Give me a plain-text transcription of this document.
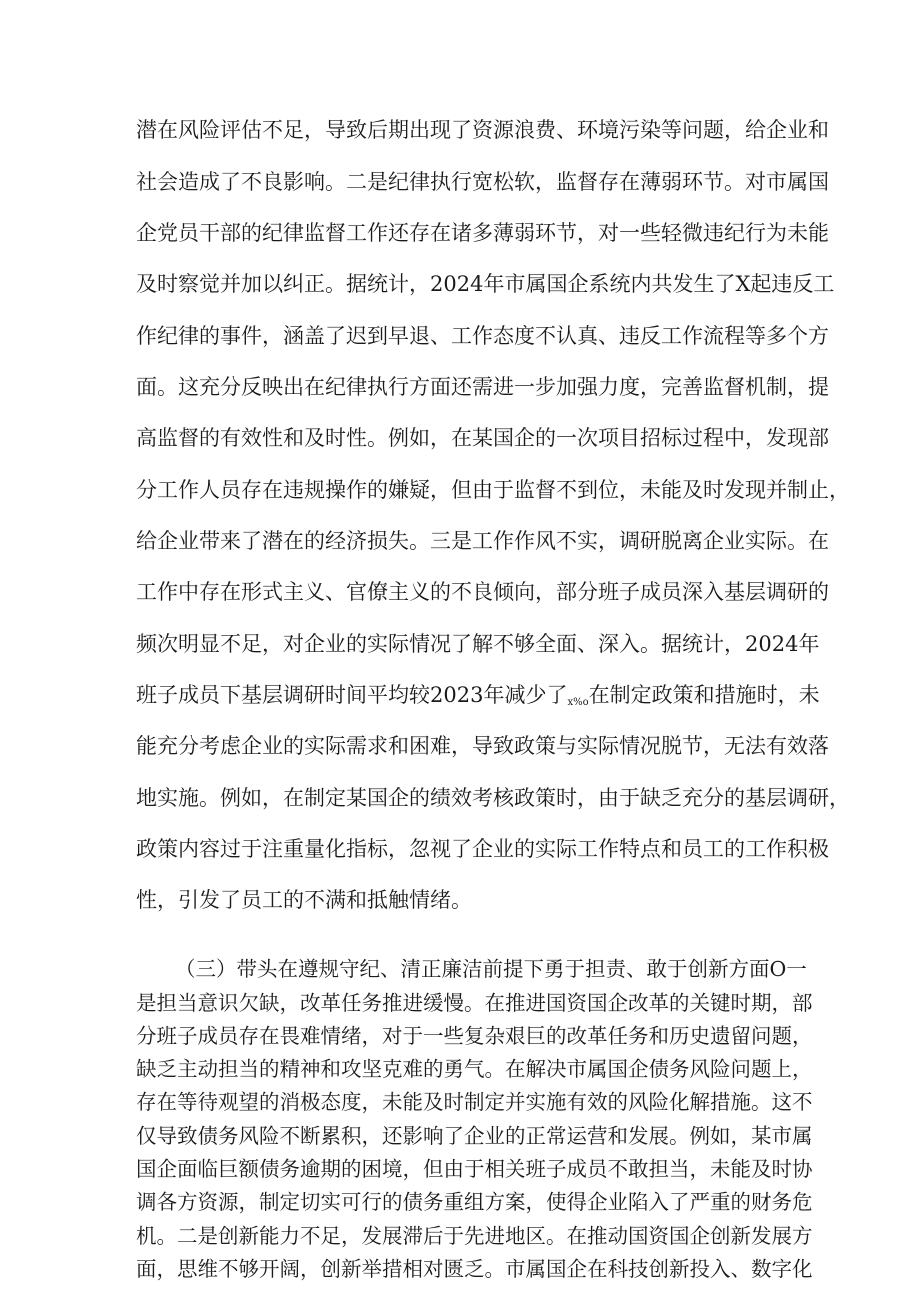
潜在风险评估不足，导致后期出现了资源浪费、环境污染等问题，给企业和
社会造成了不良影响。二是纪律执行宽松软，监督存在薄弱环节。对市属国
企党员干部的纪律监督工作还存在诸多薄弱环节，对一些轻微违纪行为未能
及时察觉并加以纠正。据统计，2024年市属国企系统内共发生了X起违反工
作纪律的事件，涵盖了迟到早退、工作态度不认真、违反工作流程等多个方
面。这充分反映出在纪律执行方面还需进一步加强力度，完善监督机制，提
高监督的有效性和及时性。例如，在某国企的一次项目招标过程中，发现部
分工作人员存在违规操作的嫌疑，但由于监督不到位，未能及时发现并制止，
给企业带来了潜在的经济损失。三是工作作风不实，调研脱离企业实际。在
工作中存在形式主义、官僚主义的不良倾向，部分班子成员深入基层调研的
频次明显不足，对企业的实际情况了解不够全面、深入。据统计，2024年
班子成员下基层调研时间平均较2023年减少了$_{x\%o}$在制定政策和措施时，未
能充分考虑企业的实际需求和困难，导致政策与实际情况脱节，无法有效落
地实施。例如，在制定某国企的绩效考核政策时，由于缺乏充分的基层调研，
政策内容过于注重量化指标，忽视了企业的实际工作特点和员工的工作积极
性，引发了员工的不满和抵触情绪。
（三）带头在遵规守纪、清正廉洁前提下勇于担责、敢于创新方面O一
是担当意识欠缺，改革任务推进缓慢。在推进国资国企改革的关键时期，部
分班子成员存在畏难情绪，对于一些复杂艰巨的改革任务和历史遗留问题，
缺乏主动担当的精神和攻坚克难的勇气。在解决市属国企债务风险问题上，
存在等待观望的消极态度，未能及时制定并实施有效的风险化解措施。这不
仅导致债务风险不断累积，还影响了企业的正常运营和发展。例如，某市属
国企面临巨额债务逾期的困境，但由于相关班子成员不敢担当，未能及时协
调各方资源，制定切实可行的债务重组方案，使得企业陷入了严重的财务危
机。二是创新能力不足，发展滞后于先进地区。在推动国资国企创新发展方
面，思维不够开阔，创新举措相对匮乏。市属国企在科技创新投入、数字化
